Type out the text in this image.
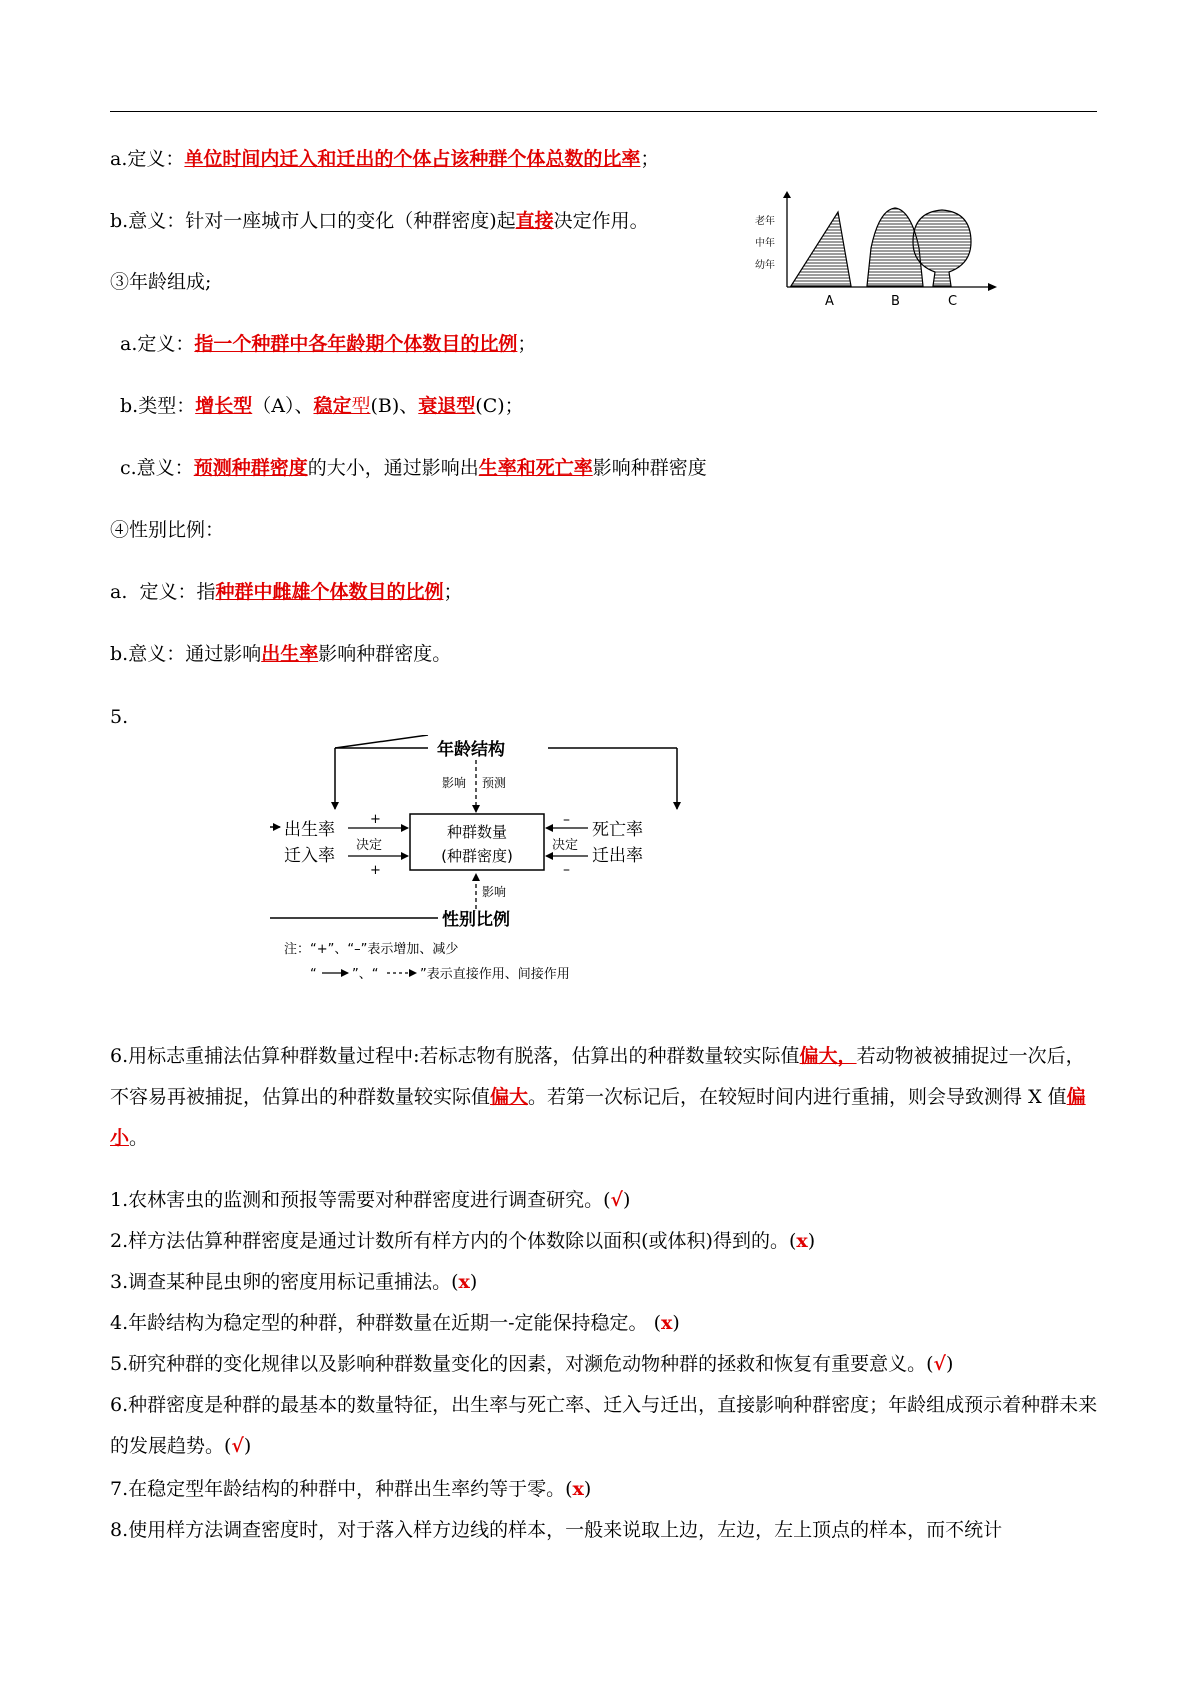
a.定义：单位时间内迁入和迁出的个体占该种群个体总数的比率；
b.意义：针对一座城市人口的变化（种群密度)起直接决定作用。
③年龄组成;
a.定义：指一个种群中各年龄期个体数目的比例；
b.类型：增长型（A）、稳定型(B)、衰退型(C)；
c.意义：预测种群密度的大小，通过影响出生率和死亡率影响种群密度
④性别比例：
a.  定义：指种群中雌雄个体数目的比例；
b.意义：通过影响出生率影响种群密度。
老年
中年
幼年
A	B	C
5.
年龄结构
影响 预测
种群数量
(种群密度)
出生率
迁入率
+
+
决定
死亡率
迁出率
–
–
决定
性别比例
影响
注：“+”、“–”表示增加、减少
“	”、“	”表示直接作用、间接作用
6.用标志重捕法估算种群数量过程中:若标志物有脱落，估算出的种群数量较实际值偏大，若动物被被捕捉过一次后，不容易再被捕捉，估算出的种群数量较实际值偏大。若第一次标记后，在较短时间内进行重捕，则会导致测得 X 值偏小。
1.农林害虫的监测和预报等需要对种群密度进行调查研究。(√)
2.样方法估算种群密度是通过计数所有样方内的个体数除以面积(或体积)得到的。(x)
3.调查某种昆虫卵的密度用标记重捕法。(x)
4.年龄结构为稳定型的种群，种群数量在近期一-定能保持稳定。 (x)
5.研究种群的变化规律以及影响种群数量变化的因素，对濒危动物种群的拯救和恢复有重要意义。(√)
6.种群密度是种群的最基本的数量特征，出生率与死亡率、迁入与迁出，直接影响种群密度；年龄组成预示着种群未来的发展趋势。(√)
7.在稳定型年龄结构的种群中，种群出生率约等于零。(x)
8.使用样方法调查密度时，对于落入样方边线的样本，一般来说取上边，左边，左上顶点的样本，而不统计
